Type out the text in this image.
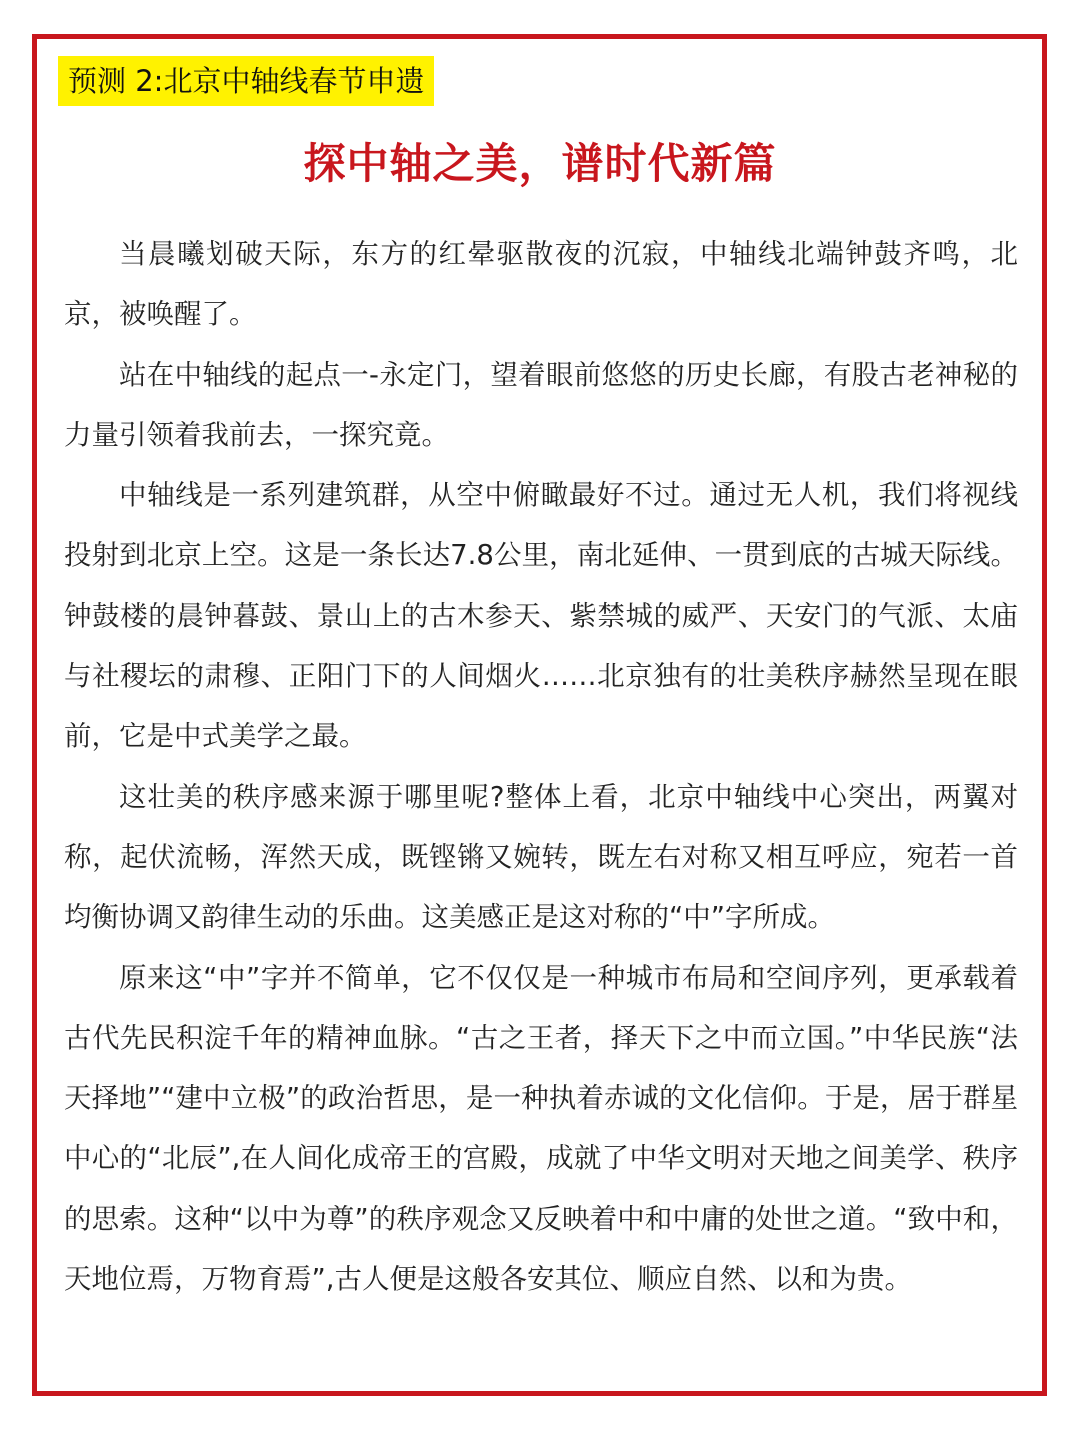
预测 2:北京中轴线春节申遗
探中轴之美，谱时代新篇

当晨曦划破天际，东方的红晕驱散夜的沉寂，中轴线北端钟鼓齐鸣，北京，被唤醒了。

站在中轴线的起点一-永定门，望着眼前悠悠的历史长廊，有股古老神秘的力量引领着我前去，一探究竟。

中轴线是一系列建筑群，从空中俯瞰最好不过。通过无人机，我们将视线投射到北京上空。这是一条长达7.8公里，南北延伸、一贯到底的古城天际线。钟鼓楼的晨钟暮鼓、景山上的古木参天、紫禁城的威严、天安门的气派、太庙与社稷坛的肃穆、正阳门下的人间烟火……北京独有的壮美秩序赫然呈现在眼前，它是中式美学之最。

这壮美的秩序感来源于哪里呢?整体上看，北京中轴线中心突出，两翼对称，起伏流畅，浑然天成，既铿锵又婉转，既左右对称又相互呼应，宛若一首均衡协调又韵律生动的乐曲。这美感正是这对称的“中”字所成。

原来这“中”字并不简单，它不仅仅是一种城市布局和空间序列，更承载着古代先民积淀千年的精神血脉。“古之王者，择天下之中而立国。”中华民族“法天择地”“建中立极”的政治哲思，是一种执着赤诚的文化信仰。于是，居于群星中心的“北辰”,在人间化成帝王的宫殿，成就了中华文明对天地之间美学、秩序的思索。这种“以中为尊”的秩序观念又反映着中和中庸的处世之道。“致中和，天地位焉，万物育焉”,古人便是这般各安其位、顺应自然、以和为贵。
